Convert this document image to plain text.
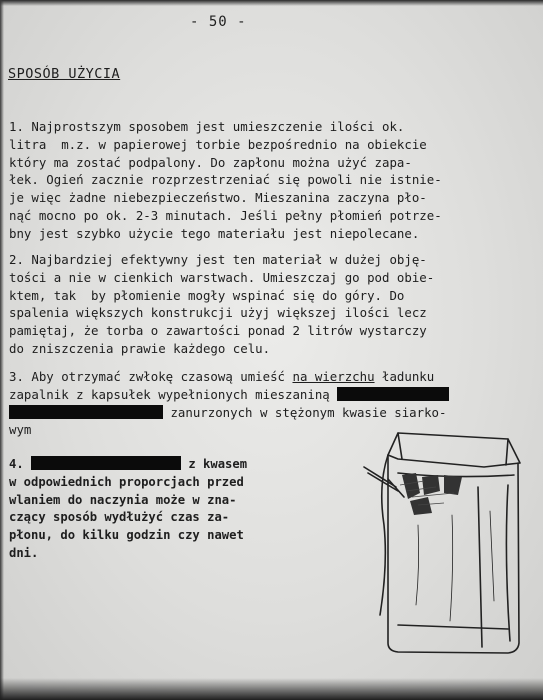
- 50 -
SPOSÓB UŻYCIA
1. Najprostszym sposobem jest umieszczenie ilości ok.
litra  m.z. w papierowej torbie bezpośrednio na obiekcie
który ma zostać podpalony. Do zapłonu można użyć zapa-
łek. Ogień zacznie rozprzestrzeniać się powoli nie istnie-
je więc żadne niebezpieczeństwo. Mieszanina zaczyna pło-
nąć mocno po ok. 2-3 minutach. Jeśli pełny płomień potrze-
bny jest szybko użycie tego materiału jest niepolecane.
2. Najbardziej efektywny jest ten materiał w dużej obję-
tości a nie w cienkich warstwach. Umieszczaj go pod obie-
ktem, tak  by płomienie mogły wspinać się do góry. Do
spalenia większych konstrukcji użyj większej ilości lecz
pamiętaj, że torba o zawartości ponad 2 litrów wystarczy
do zniszczenia prawie każdego celu.
3. Aby otrzymać zwłokę czasową umieść na wierzchu ładunku
zapalnik z kapsułek wypełnionych mieszaniną
zanurzonych w stężonym kwasie siarko-
wym
4.	z kwasem
w odpowiednich proporcjach przed
wlaniem do naczynia może w zna-
czący sposób wydłużyć czas za-
płonu, do kilku godzin czy nawet
dni.
